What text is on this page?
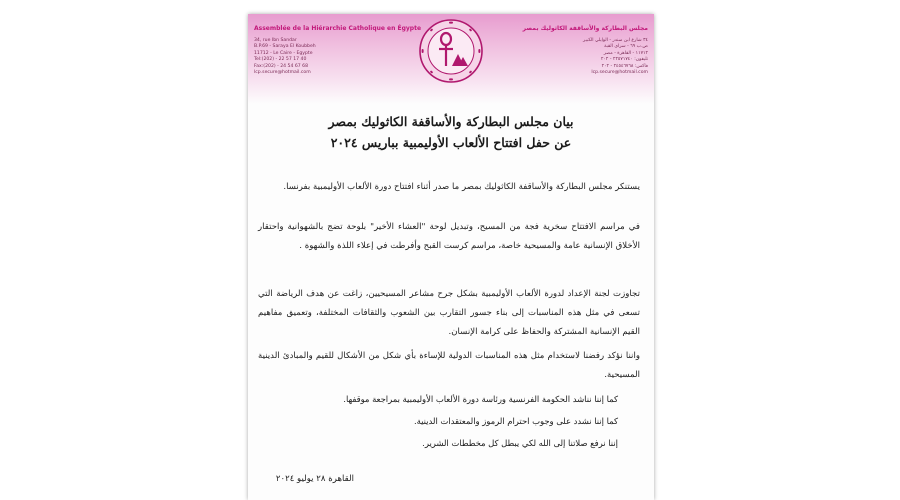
Assemblée de la Hiérarchie Catholique en Égypte	مجلس البطاركة والأساقفة الكاثوليك بمصر
34, rue Ibn Sandar
B.P.69 - Saraya El Koubbeh
11712 - Le Caire - Egypte
Tel:(202) - 22 57 17 40
Fax:(202) - 24 54 67 68
lcp.secure@hotmail.com
٣٤ شارع ابن سندر - الوايلي الكبير
ص.ب ٦٩ - سراي القبة
١١٧١٢ - القاهرة - مصر
تليفون: ٢٢٥٧١٧٤٠ - ٢٠٢
فاكس: ٢٤٥٤٦٧٦٨ - ٢٠٢
lcp.secure@hotmail.com
بيان مجلس البطاركة والأساقفة الكاثوليك بمصر
عن حفل افتتاح الألعاب الأوليمبية بباريس ٢٠٢٤
يستنكر مجلس البطاركة والأساقفة الكاثوليك بمصر ما صدر أثناء افتتاح دورة الألعاب الأوليمبية بفرنسا.
في مراسم الافتتاح سخرية فجة من المسيح، وتبديل لوحة "العشاء الأخير" بلوحة تضج بالشهوانية واحتقار الأخلاق الإنسانية عامة والمسيحية خاصة، مراسم كرست القبح وأفرطت في إعلاء اللذة والشهوة .
تجاوزت لجنة الإعداد لدورة الألعاب الأوليمبية بشكل جرح مشاعر المسيحيين، زاغت عن هدف الرياضة التي تسعى في مثل هذه المناسبات إلى بناء جسور التقارب بين الشعوب والثقافات المختلفة، وتعميق مفاهيم القيم الإنسانية المشتركة والحفاظ على كرامة الإنسان.
واننا نؤكد رفضنا لاستخدام مثل هذه المناسبات الدولية للإساءة بأي شكل من الأشكال للقيم والمبادئ الدينية المسيحية.
كما إننا نناشد الحكومة الفرنسية ورئاسة دورة الألعاب الأوليمبية بمراجعة موقفها.
كما إننا نشدد على وجوب احترام الرموز والمعتقدات الدينية.
إننا نرفع صلاتنا إلى الله لكي يبطل كل مخططات الشرير.
القاهرة ٢٨ يوليو ٢٠٢٤
